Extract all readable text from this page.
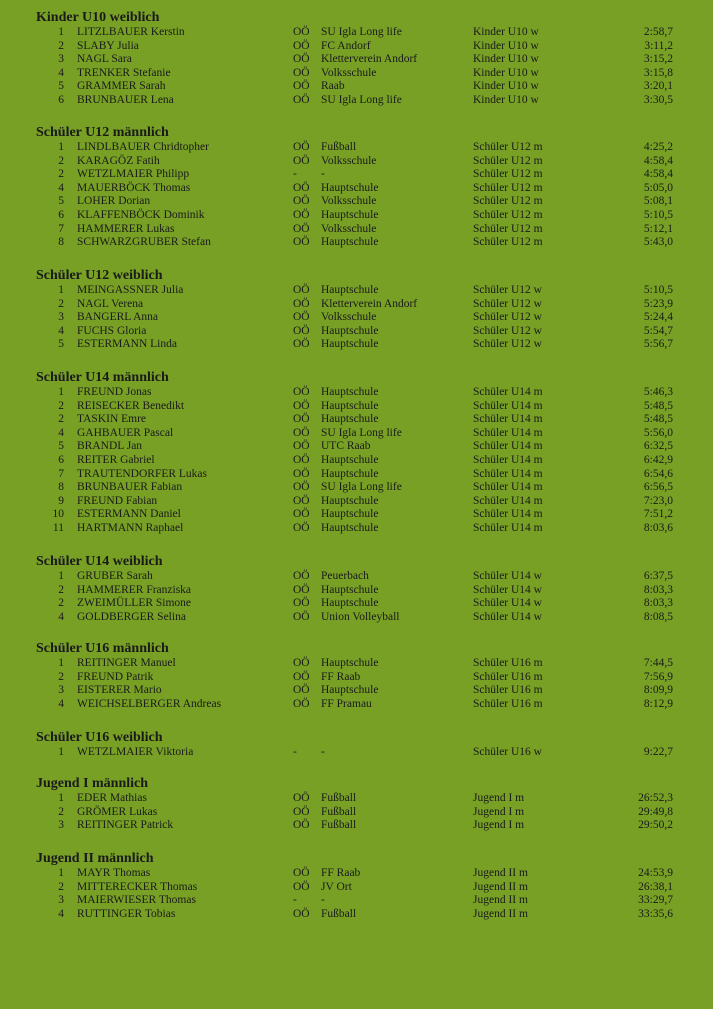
Kinder U10 weiblich
1 LITZLBAUER Kerstin	OÖ SU Igla Long life	Kinder U10 w	2:58,7
2 SLABY Julia	OÖ FC Andorf	Kinder U10 w	3:11,2
3 NAGL Sara	OÖ Kletterverein Andorf	Kinder U10 w	3:15,2
4 TRENKER Stefanie	OÖ Volksschule	Kinder U10 w	3:15,8
5 GRAMMER Sarah	OÖ Raab	Kinder U10 w	3:20,1
6 BRUNBAUER Lena	OÖ SU Igla Long life	Kinder U10 w	3:30,5
Schüler U12 männlich
1 LINDLBAUER Chridtopher	OÖ Fußball	Schüler U12 m	4:25,2
2 KARAGÖZ Fatih	OÖ Volksschule	Schüler U12 m	4:58,4
2 WETZLMAIER Philipp	- -	Schüler U12 m	4:58,4
4 MAUERBÖCK Thomas	OÖ Hauptschule	Schüler U12 m	5:05,0
5 LOHER Dorian	OÖ Volksschule	Schüler U12 m	5:08,1
6 KLAFFENBÖCK Dominik	OÖ Hauptschule	Schüler U12 m	5:10,5
7 HAMMERER Lukas	OÖ Volksschule	Schüler U12 m	5:12,1
8 SCHWARZGRUBER Stefan	OÖ Hauptschule	Schüler U12 m	5:43,0
Schüler U12 weiblich
1 MEINGASSNER Julia	OÖ Hauptschule	Schüler U12 w	5:10,5
2 NAGL Verena	OÖ Kletterverein Andorf	Schüler U12 w	5:23,9
3 BANGERL Anna	OÖ Volksschule	Schüler U12 w	5:24,4
4 FUCHS Gloria	OÖ Hauptschule	Schüler U12 w	5:54,7
5 ESTERMANN Linda	OÖ Hauptschule	Schüler U12 w	5:56,7
Schüler U14 männlich
1 FREUND Jonas	OÖ Hauptschule	Schüler U14 m	5:46,3
2 REISECKER Benedikt	OÖ Hauptschule	Schüler U14 m	5:48,5
2 TASKIN Emre	OÖ Hauptschule	Schüler U14 m	5:48,5
4 GAHBAUER Pascal	OÖ SU Igla Long life	Schüler U14 m	5:56,0
5 BRANDL Jan	OÖ UTC Raab	Schüler U14 m	6:32,5
6 REITER Gabriel	OÖ Hauptschule	Schüler U14 m	6:42,9
7 TRAUTENDORFER Lukas	OÖ Hauptschule	Schüler U14 m	6:54,6
8 BRUNBAUER Fabian	OÖ SU Igla Long life	Schüler U14 m	6:56,5
9 FREUND Fabian	OÖ Hauptschule	Schüler U14 m	7:23,0
10 ESTERMANN Daniel	OÖ Hauptschule	Schüler U14 m	7:51,2
11 HARTMANN Raphael	OÖ Hauptschule	Schüler U14 m	8:03,6
Schüler U14 weiblich
1 GRUBER Sarah	OÖ Peuerbach	Schüler U14 w	6:37,5
2 HAMMERER Franziska	OÖ Hauptschule	Schüler U14 w	8:03,3
2 ZWEIMÜLLER Simone	OÖ Hauptschule	Schüler U14 w	8:03,3
4 GOLDBERGER Selina	OÖ Union Volleyball	Schüler U14 w	8:08,5
Schüler U16 männlich
1 REITINGER Manuel	OÖ Hauptschule	Schüler U16 m	7:44,5
2 FREUND Patrik	OÖ FF Raab	Schüler U16 m	7:56,9
3 EISTERER Mario	OÖ Hauptschule	Schüler U16 m	8:09,9
4 WEICHSELBERGER Andreas	OÖ FF Pramau	Schüler U16 m	8:12,9
Schüler U16 weiblich
1 WETZLMAIER Viktoria	- -	Schüler U16 w	9:22,7
Jugend I männlich
1 EDER Mathias	OÖ Fußball	Jugend I m	26:52,3
2 GRÖMER Lukas	OÖ Fußball	Jugend I m	29:49,8
3 REITINGER Patrick	OÖ Fußball	Jugend I m	29:50,2
Jugend II männlich
1 MAYR Thomas	OÖ FF Raab	Jugend II m	24:53,9
2 MITTERECKER Thomas	OÖ JV Ort	Jugend II m	26:38,1
3 MAIERWIESER Thomas	- -	Jugend II m	33:29,7
4 RUTTINGER Tobias	OÖ Fußball	Jugend II m	33:35,6
